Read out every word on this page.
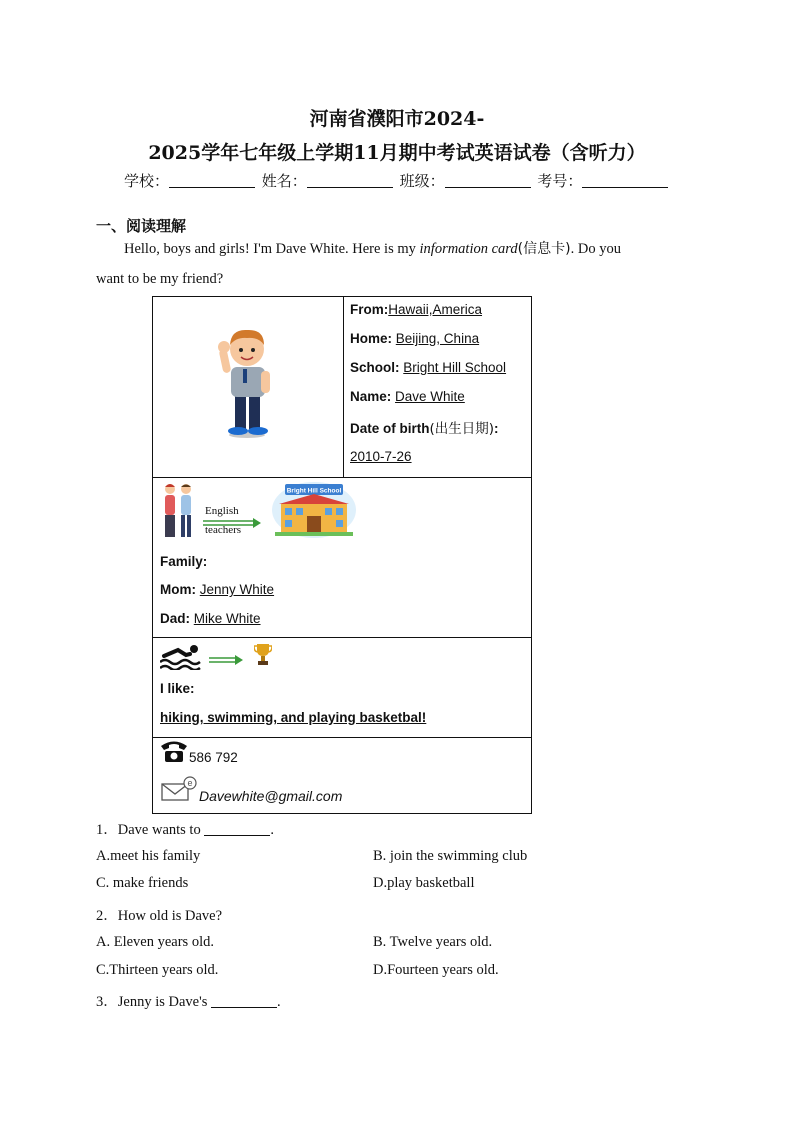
河南省濮阳市2024-
2025学年七年级上学期11月期中考试英语试卷（含听力）
学校：	姓名：	班级：	考号：
一、阅读理解
Hello, boys and girls! I'm Dave White. Here is my information card(信息卡). Do you
want to be my friend?
From:Hawaii,America
Home: Beijing, China
School: Bright Hill School
Name: Dave White
Date of birth(出生日期):
2010-7-26
English
teachers
Bright Hill School
Family:
Mom: Jenny White
Dad: Mike White
I like:
hiking, swimming, and playing basketbal!
586 792
e
Davewhite@gmail.com
1．Dave wants to	.
A.meet his family	B. join the swimming club
C. make friends	D.play basketball
2．How old is Dave?
A. Eleven years old.	B. Twelve years old.
C.Thirteen years old.	D.Fourteen years old.
3．Jenny is Dave's	.
